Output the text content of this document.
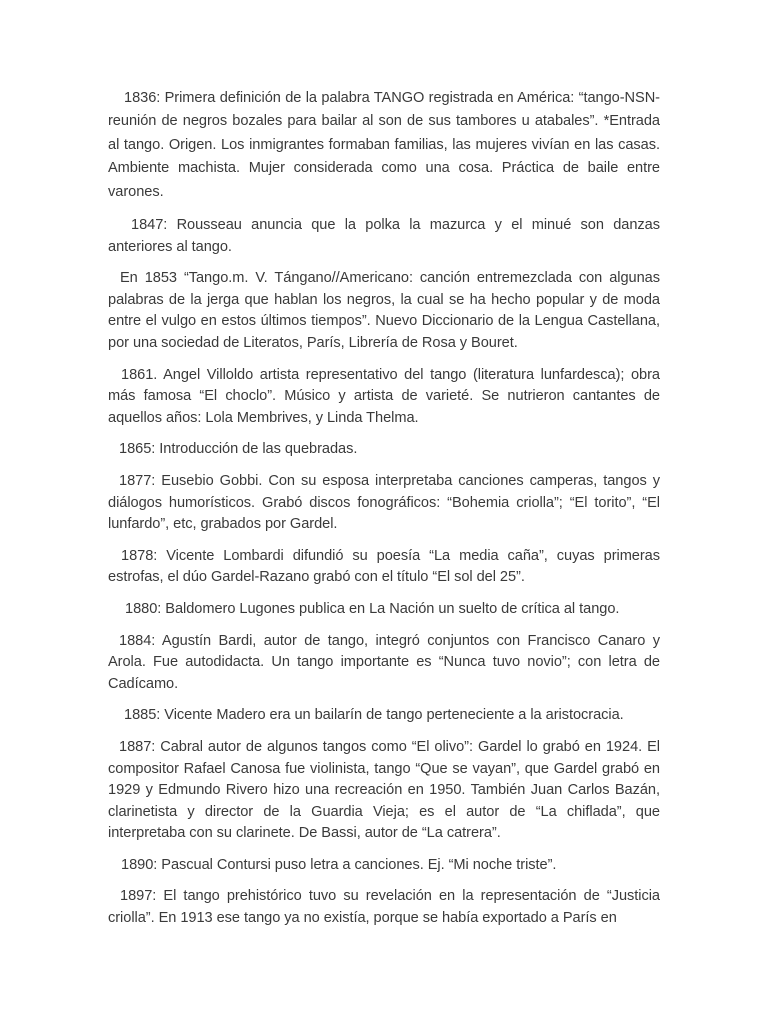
1836: Primera definición de la palabra TANGO registrada en América: “tango-NSN-reunión de negros bozales para bailar al son de sus tambores u atabales”. *Entrada al tango. Origen. Los inmigrantes formaban familias, las mujeres vivían en las casas. Ambiente machista. Mujer considerada como una cosa. Práctica de baile entre varones.

1847: Rousseau anuncia que la polka la mazurca y el minué son danzas anteriores al tango.

En 1853 “Tango.m. V. Tángano//Americano: canción entremezclada con algunas palabras de la jerga que hablan los negros, la cual se ha hecho popular y de moda entre el vulgo en estos últimos tiempos”. Nuevo Diccionario de la Lengua Castellana, por una sociedad de Literatos, París, Librería de Rosa y Bouret.

1861. Angel Villoldo artista representativo del tango (literatura lunfardesca); obra más famosa “El choclo”. Músico y artista de varieté. Se nutrieron cantantes de aquellos años: Lola Membrives, y Linda Thelma.

1865: Introducción de las quebradas.

1877: Eusebio Gobbi. Con su esposa interpretaba canciones camperas, tangos y diálogos humorísticos. Grabó discos fonográficos: “Bohemia criolla”; “El torito”, “El lunfardo”, etc, grabados por Gardel.

1878: Vicente Lombardi difundió su poesía “La media caña”, cuyas primeras estrofas, el dúo Gardel-Razano grabó con el título “El sol del 25”.

1880: Baldomero Lugones publica en La Nación un suelto de crítica al tango.

1884: Agustín Bardi, autor de tango, integró conjuntos con Francisco Canaro y Arola. Fue autodidacta. Un tango importante es “Nunca tuvo novio”; con letra de Cadícamo.

1885: Vicente Madero era un bailarín de tango perteneciente a la aristocracia.

1887: Cabral autor de algunos tangos como “El olivo”: Gardel lo grabó en 1924. El compositor Rafael Canosa fue violinista, tango “Que se vayan”, que Gardel grabó en 1929 y Edmundo Rivero hizo una recreación en 1950. También Juan Carlos Bazán, clarinetista y director de la Guardia Vieja; es el autor de “La chiflada”, que interpretaba con su clarinete. De Bassi, autor de “La catrera”.

1890: Pascual Contursi puso letra a canciones. Ej. “Mi noche triste”.

1897: El tango prehistórico tuvo su revelación en la representación de “Justicia criolla”. En 1913 ese tango ya no existía, porque se había exportado a París en
